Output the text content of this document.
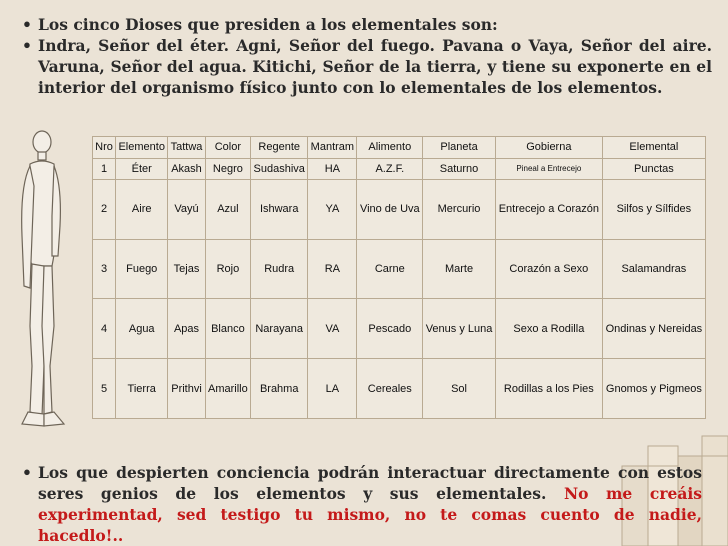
• Los cinco Dioses que presiden a los elementales son:
• Indra, Señor del éter. Agni, Señor del fuego. Pavana o Vaya, Señor del aire. Varuna, Señor del agua. Kitichi, Señor de la tierra, y tiene su exponerte en el interior del organismo físico junto con lo elementales de los elementos.
Nro	Elemento	Tattwa	Color	Regente	Mantram	Alimento	Planeta	Gobierna	Elemental
1	Éter	Akash	Negro	Sudashiva	HA	A.Z.F.	Saturno	Pineal a Entrecejo	Punctas
2	Aire	Vayú	Azul	Ishwara	YA	Vino de Uva	Mercurio	Entrecejo a Corazón	Silfos y Sílfides
3	Fuego	Tejas	Rojo	Rudra	RA	Carne	Marte	Corazón a Sexo	Salamandras
4	Agua	Apas	Blanco	Narayana	VA	Pescado	Venus y Luna	Sexo a Rodilla	Ondinas y Nereidas
5	Tierra	Prithvi	Amarillo	Brahma	LA	Cereales	Sol	Rodillas a los Pies	Gnomos y Pigmeos
• Los que despierten conciencia podrán interactuar directamente con estos seres genios de los elementos y sus elementales. No me creáis experimentad, sed testigo tu mismo, no te comas cuento de nadie, hacedlo!..
